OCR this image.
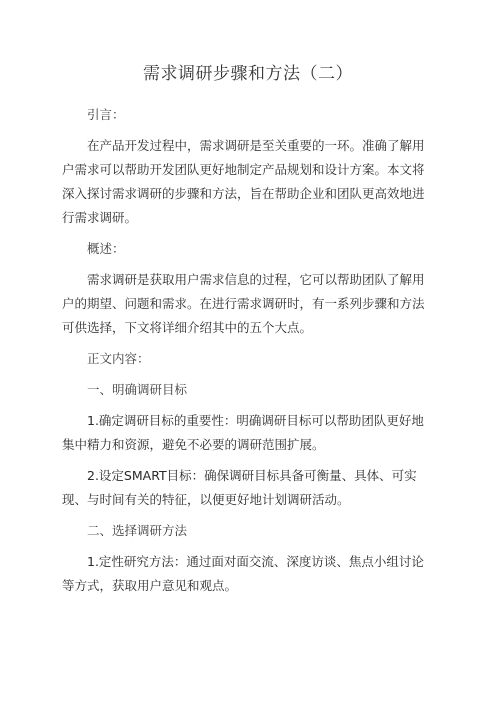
需求调研步骤和方法（二）

引言：

在产品开发过程中，需求调研是至关重要的一环。准确了解用户需求可以帮助开发团队更好地制定产品规划和设计方案。本文将深入探讨需求调研的步骤和方法，旨在帮助企业和团队更高效地进行需求调研。

概述：

需求调研是获取用户需求信息的过程，它可以帮助团队了解用户的期望、问题和需求。在进行需求调研时，有一系列步骤和方法可供选择，下文将详细介绍其中的五个大点。

正文内容：

一、明确调研目标

1.确定调研目标的重要性：明确调研目标可以帮助团队更好地集中精力和资源，避免不必要的调研范围扩展。

2.设定SMART目标：确保调研目标具备可衡量、具体、可实现、与时间有关的特征，以便更好地计划调研活动。

二、选择调研方法

1.定性研究方法：通过面对面交流、深度访谈、焦点小组讨论等方式，获取用户意见和观点。
